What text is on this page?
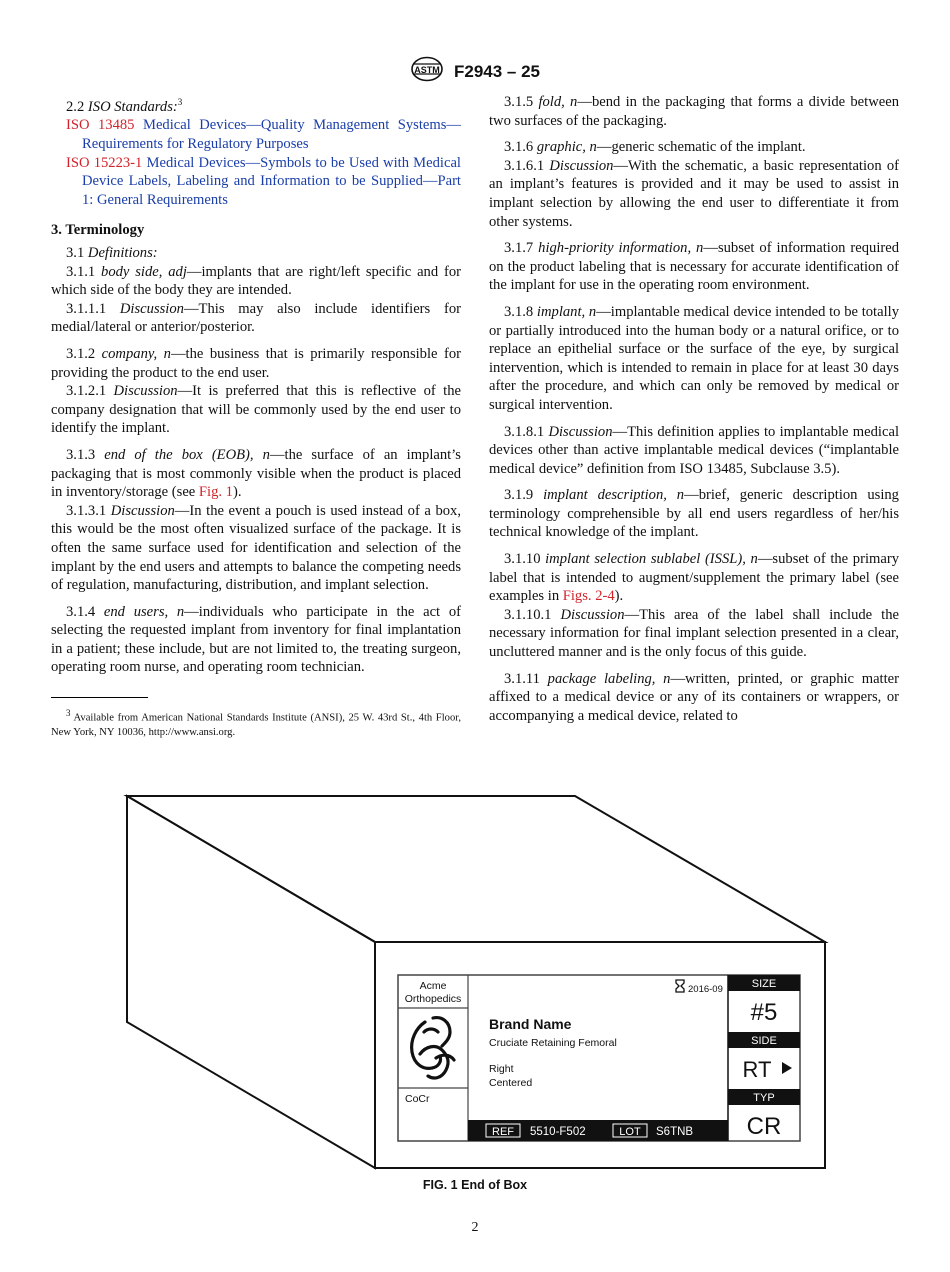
ASTM F2943 – 25

2.2 ISO Standards:$^3$

ISO 13485 Medical Devices—Quality Management Systems—Requirements for Regulatory Purposes

ISO 15223-1 Medical Devices—Symbols to be Used with Medical Device Labels, Labeling and Information to be Supplied—Part 1: General Requirements

3. Terminology

3.1 Definitions:

3.1.1 body side, adj—implants that are right/left specific and for which side of the body they are intended.

3.1.1.1 Discussion—This may also include identifiers for medial/lateral or anterior/posterior.

3.1.2 company, n—the business that is primarily responsible for providing the product to the end user.

3.1.2.1 Discussion—It is preferred that this is reflective of the company designation that will be commonly used by the end user to identify the implant.

3.1.3 end of the box (EOB), n—the surface of an implant’s packaging that is most commonly visible when the product is placed in inventory/storage (see Fig. 1).

3.1.3.1 Discussion—In the event a pouch is used instead of a box, this would be the most often visualized surface of the package. It is often the same surface used for identification and selection of the implant by the end users and attempts to balance the competing needs of regulation, manufacturing, distribution, and implant selection.

3.1.4 end users, n—individuals who participate in the act of selecting the requested implant from inventory for final implantation in a patient; these include, but are not limited to, the treating surgeon, operating room nurse, and operating room technician.

$^3$ Available from American National Standards Institute (ANSI), 25 W. 43rd St., 4th Floor, New York, NY 10036, http://www.ansi.org.

3.1.5 fold, n—bend in the packaging that forms a divide between two surfaces of the packaging.

3.1.6 graphic, n—generic schematic of the implant.

3.1.6.1 Discussion—With the schematic, a basic representation of an implant’s features is provided and it may be used to assist in implant selection by allowing the end user to differentiate it from other systems.

3.1.7 high-priority information, n—subset of information required on the product labeling that is necessary for accurate identification of the implant for use in the operating room environment.

3.1.8 implant, n—implantable medical device intended to be totally or partially introduced into the human body or a natural orifice, or to replace an epithelial surface or the surface of the eye, by surgical intervention, which is intended to remain in place for at least 30 days after the procedure, and which can only be removed by medical or surgical intervention.

3.1.8.1 Discussion—This definition applies to implantable medical devices other than active implantable medical devices (“implantable medical device” definition from ISO 13485, Subclause 3.5).

3.1.9 implant description, n—brief, generic description using terminology comprehensible by all end users regardless of her/his technical knowledge of the implant.

3.1.10 implant selection sublabel (ISSL), n—subset of the primary label that is intended to augment/supplement the primary label (see examples in Figs. 2-4).

3.1.10.1 Discussion—This area of the label shall include the necessary information for final implant selection presented in a clear, uncluttered manner and is the only focus of this guide.

3.1.11 package labeling, n—written, printed, or graphic matter affixed to a medical device or any of its containers or wrappers, or accompanying a medical device, related to

Acme
Orthopedics
CoCr
2016-09
Brand Name
Cruciate Retaining Femoral
Right
Centered
REF 5510-F502	LOT S6TNB
SIZE
#5
SIDE
RT
TYP
CR
FIG. 1 End of Box
2
